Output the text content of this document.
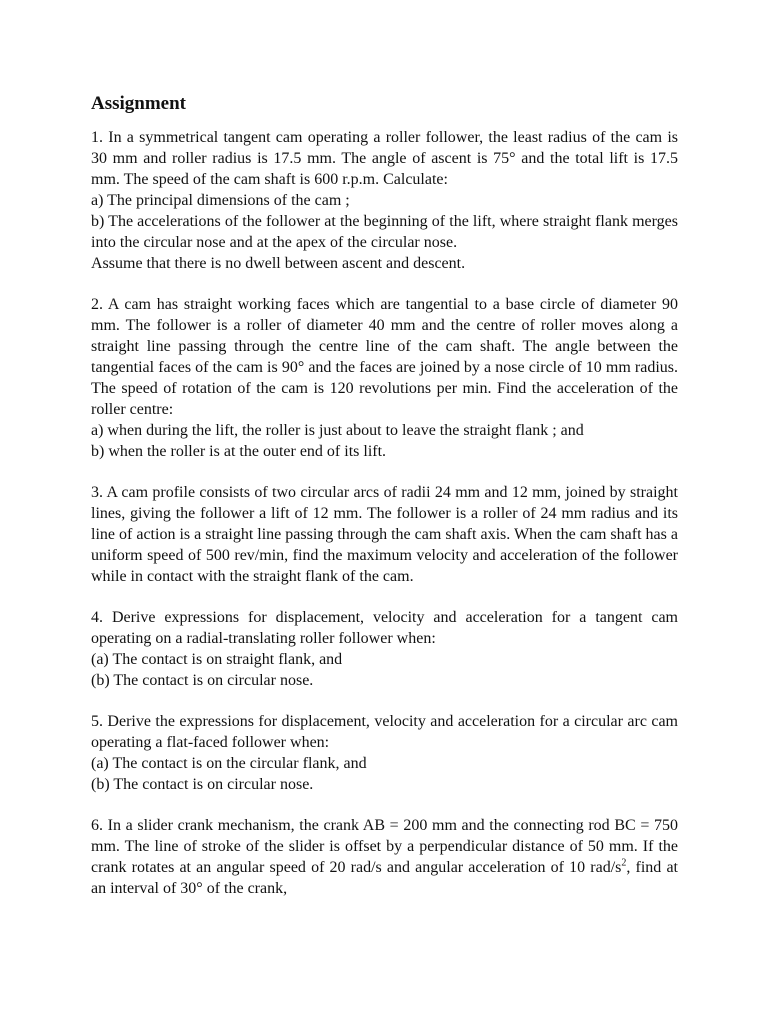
Assignment
1. In a symmetrical tangent cam operating a roller follower, the least radius of the cam is 30 mm and roller radius is 17.5 mm. The angle of ascent is 75° and the total lift is 17.5 mm. The speed of the cam shaft is 600 r.p.m. Calculate:
a) The principal dimensions of the cam ;
b) The accelerations of the follower at the beginning of the lift, where straight flank merges into the circular nose and at the apex of the circular nose.
Assume that there is no dwell between ascent and descent.
2. A cam has straight working faces which are tangential to a base circle of diameter 90 mm. The follower is a roller of diameter 40 mm and the centre of roller moves along a straight line passing through the centre line of the cam shaft. The angle between the tangential faces of the cam is 90° and the faces are joined by a nose circle of 10 mm radius. The speed of rotation of the cam is 120 revolutions per min. Find the acceleration of the roller centre:
a) when during the lift, the roller is just about to leave the straight flank ; and
b) when the roller is at the outer end of its lift.
3. A cam profile consists of two circular arcs of radii 24 mm and 12 mm, joined by straight lines, giving the follower a lift of 12 mm. The follower is a roller of 24 mm radius and its line of action is a straight line passing through the cam shaft axis. When the cam shaft has a uniform speed of 500 rev/min, find the maximum velocity and acceleration of the follower while in contact with the straight flank of the cam.
4. Derive expressions for displacement, velocity and acceleration for a tangent cam operating on a radial-translating roller follower when:
(a) The contact is on straight flank, and
(b) The contact is on circular nose.
5. Derive the expressions for displacement, velocity and acceleration for a circular arc cam operating a flat-faced follower when:
(a) The contact is on the circular flank, and
(b) The contact is on circular nose.
6. In a slider crank mechanism, the crank AB = 200 mm and the connecting rod BC = 750 mm. The line of stroke of the slider is offset by a perpendicular distance of 50 mm. If the crank rotates at an angular speed of 20 rad/s and angular acceleration of 10 rad/$s^2$, find at an interval of 30° of the crank,
